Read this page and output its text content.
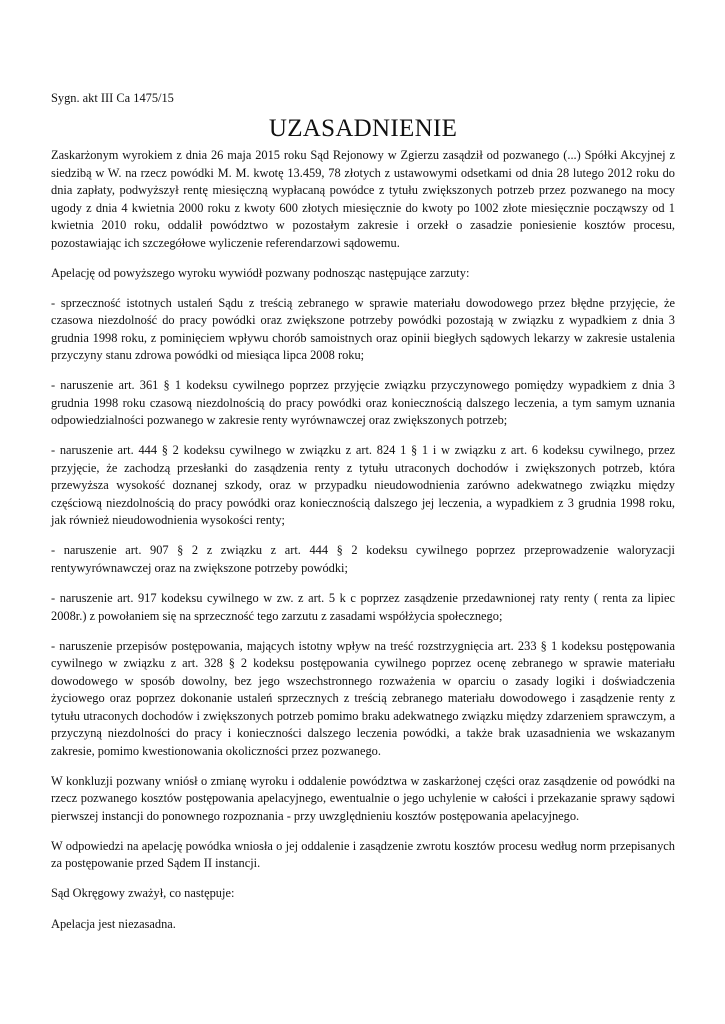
Sygn. akt III Ca 1475/15

UZASADNIENIE

Zaskarżonym wyrokiem z dnia 26 maja 2015 roku Sąd Rejonowy w Zgierzu zasądził od pozwanego (...) Spółki Akcyjnej z siedzibą w W. na rzecz powódki M. M. kwotę 13.459, 78 złotych z ustawowymi odsetkami od dnia 28 lutego 2012 roku do dnia zapłaty, podwyższył rentę miesięczną wypłacaną powódce z tytułu zwiększonych potrzeb przez pozwanego na mocy ugody z dnia 4 kwietnia 2000 roku z kwoty 600 złotych miesięcznie do kwoty po 1002 złote miesięcznie począwszy od 1 kwietnia 2010 roku, oddalił powództwo w pozostałym zakresie i orzekł o zasadzie poniesienie kosztów procesu, pozostawiając ich szczegółowe wyliczenie referendarzowi sądowemu.

Apelację od powyższego wyroku wywiódł pozwany podnosząc następujące zarzuty:

- sprzeczność istotnych ustaleń Sądu z treścią zebranego w sprawie materiału dowodowego przez błędne przyjęcie, że czasowa niezdolność do pracy powódki oraz zwiększone potrzeby powódki pozostają w związku z wypadkiem z dnia 3 grudnia 1998 roku, z pominięciem wpływu chorób samoistnych oraz opinii biegłych sądowych lekarzy w zakresie ustalenia przyczyny stanu zdrowa powódki od miesiąca lipca 2008 roku;

- naruszenie art. 361 § 1 kodeksu cywilnego poprzez przyjęcie związku przyczynowego pomiędzy wypadkiem z dnia 3 grudnia 1998 roku czasową niezdolnością do pracy powódki oraz koniecznością dalszego leczenia, a tym samym uznania odpowiedzialności pozwanego w zakresie renty wyrównawczej oraz zwiększonych potrzeb;

- naruszenie art. 444 § 2 kodeksu cywilnego w związku z art. 824 1 § 1 i w związku z art. 6 kodeksu cywilnego, przez przyjęcie, że zachodzą przesłanki do zasądzenia renty z tytułu utraconych dochodów i zwiększonych potrzeb, która przewyższa wysokość doznanej szkody, oraz w przypadku nieudowodnienia zarówno adekwatnego związku między częściową niezdolnością do pracy powódki oraz koniecznością dalszego jej leczenia, a wypadkiem z 3 grudnia 1998 roku, jak również nieudowodnienia wysokości renty;

- naruszenie art. 907 § 2 z związku z art. 444 § 2 kodeksu cywilnego poprzez przeprowadzenie waloryzacji rentywyrównawczej oraz na zwiększone potrzeby powódki;

- naruszenie art. 917 kodeksu cywilnego w zw. z art. 5 k c poprzez zasądzenie przedawnionej raty renty ( renta za lipiec 2008r.) z powołaniem się na sprzeczność tego zarzutu z zasadami współżycia społecznego;

- naruszenie przepisów postępowania, mających istotny wpływ na treść rozstrzygnięcia art. 233 § 1 kodeksu postępowania cywilnego w związku z art. 328 § 2 kodeksu postępowania cywilnego poprzez ocenę zebranego w sprawie materiału dowodowego w sposób dowolny, bez jego wszechstronnego rozważenia w oparciu o zasady logiki i doświadczenia życiowego oraz poprzez dokonanie ustaleń sprzecznych z treścią zebranego materiału dowodowego i zasądzenie renty z tytułu utraconych dochodów i zwiększonych potrzeb pomimo braku adekwatnego związku między zdarzeniem sprawczym, a przyczyną niezdolności do pracy i konieczności dalszego leczenia powódki, a także brak uzasadnienia we wskazanym zakresie, pomimo kwestionowania okoliczności przez pozwanego.

W konkluzji pozwany wniósł o zmianę wyroku i oddalenie powództwa w zaskarżonej części oraz zasądzenie od powódki na rzecz pozwanego kosztów postępowania apelacyjnego, ewentualnie o jego uchylenie w całości i przekazanie sprawy sądowi pierwszej instancji do ponownego rozpoznania - przy uwzględnieniu kosztów postępowania apelacyjnego.

W odpowiedzi na apelację powódka wniosła o jej oddalenie i zasądzenie zwrotu kosztów procesu według norm przepisanych za postępowanie przed Sądem II instancji.

Sąd Okręgowy zważył, co następuje:

Apelacja jest niezasadna.
